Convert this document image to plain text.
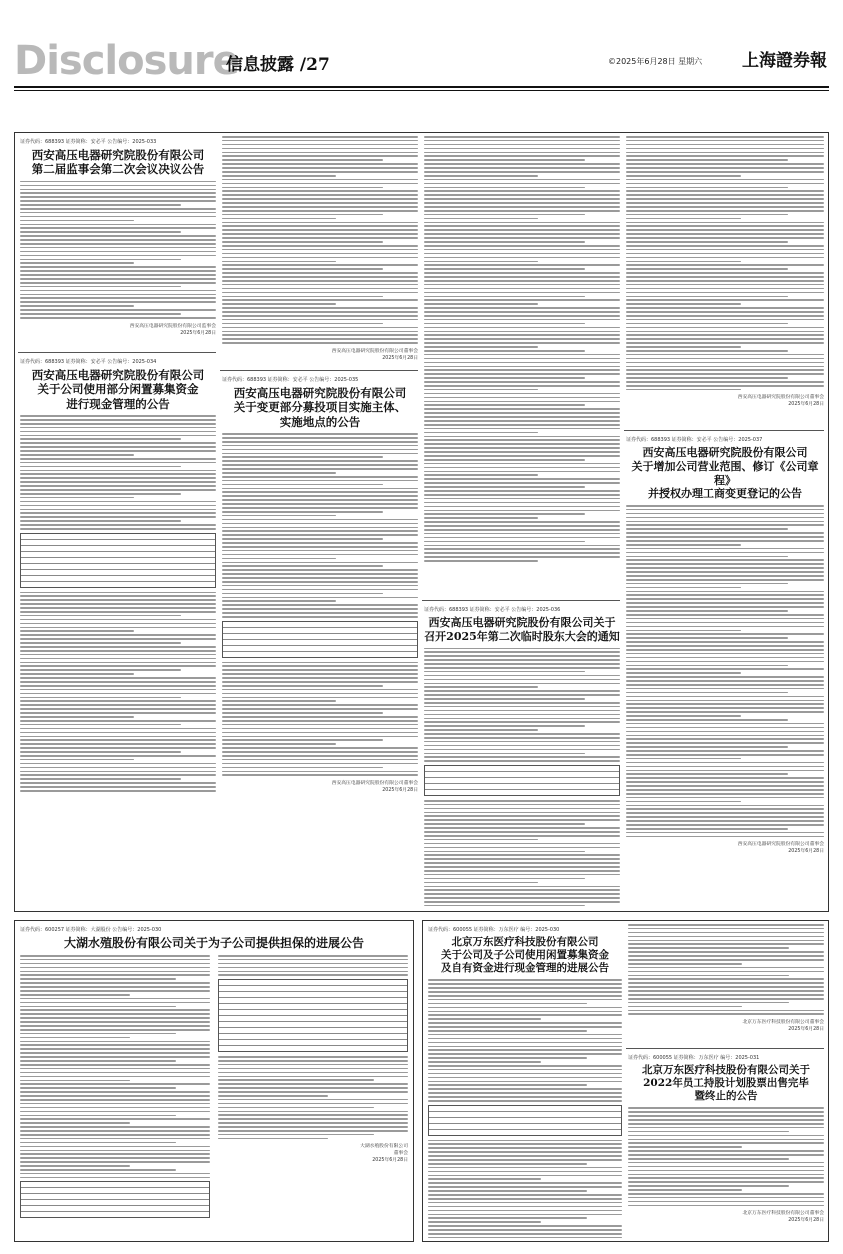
Disclosure
信息披露 /27	©2025年6月28日 星期六 上海證券報
证券代码：688393 证券简称：安必平 公告编号：2025-033
西安高压电器研究院股份有限公司
第二届监事会第二次会议决议公告
西安高压电器研究院股份有限公司监事会
2025年6月28日
证券代码：688393 证券简称：安必平 公告编号：2025-034
西安高压电器研究院股份有限公司
关于公司使用部分闲置募集资金
进行现金管理的公告
西安高压电器研究院股份有限公司董事会
2025年6月28日
证券代码：688393 证券简称：安必平 公告编号：2025-035
西安高压电器研究院股份有限公司
关于变更部分募投项目实施主体、
实施地点的公告
西安高压电器研究院股份有限公司董事会
2025年6月28日
证券代码：688393 证券简称：安必平 公告编号：2025-036
西安高压电器研究院股份有限公司关于
召开2025年第二次临时股东大会的通知
西安高压电器研究院股份有限公司董事会
2025年6月28日
证券代码：688393 证券简称：安必平 公告编号：2025-037
西安高压电器研究院股份有限公司
关于增加公司营业范围、修订《公司章程》
并授权办理工商变更登记的公告
西安高压电器研究院股份有限公司董事会
2025年6月28日
证券代码：600257 证券简称：大湖股份 公告编号：2025-030
大湖水殖股份有限公司关于为子公司提供担保的进展公告
大湖水殖股份有限公司
董事会
2025年6月28日
证券代码：600055 证券简称：万东医疗 编号：2025-030
北京万东医疗科技股份有限公司
关于公司及子公司使用闲置募集资金
及自有资金进行现金管理的进展公告
北京万东医疗科技股份有限公司董事会
2025年6月28日
证券代码：600055 证券简称：万东医疗 编号：2025-031
北京万东医疗科技股份有限公司关于
2022年员工持股计划股票出售完毕
暨终止的公告
北京万东医疗科技股份有限公司董事会
2025年6月28日
